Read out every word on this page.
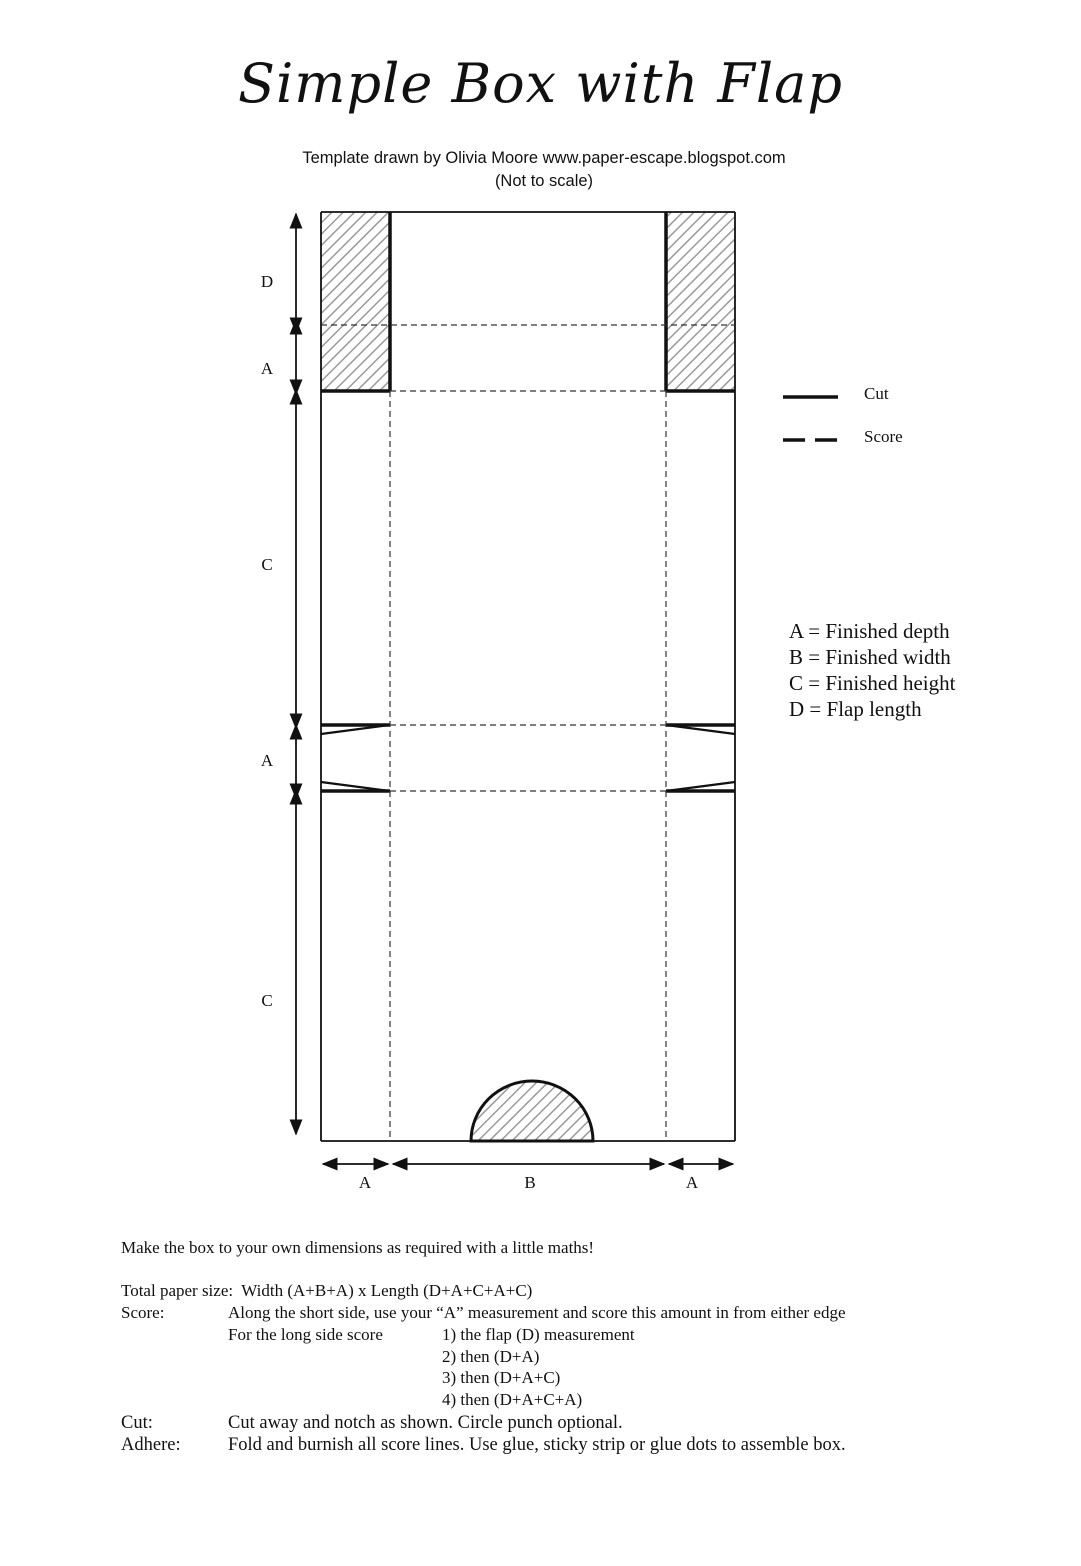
Simple Box with Flap
Template drawn by Olivia Moore www.paper-escape.blogspot.com
(Not to scale)
D
A
C
A
C
A	B	A
Cut
Score
A = Finished depth
B = Finished width
C = Finished height
D = Flap length
Make the box to your own dimensions as required with a little maths!
Total paper size: Width (A+B+A) x Length (D+A+C+A+C)
Score:	Along the short side, use your “A” measurement and score this amount in from either edge
For the long side score	1) the flap (D) measurement
2) then (D+A)
3) then (D+A+C)
4) then (D+A+C+A)
Cut:	Cut away and notch as shown. Circle punch optional.
Adhere:	Fold and burnish all score lines. Use glue, sticky strip or glue dots to assemble box.
